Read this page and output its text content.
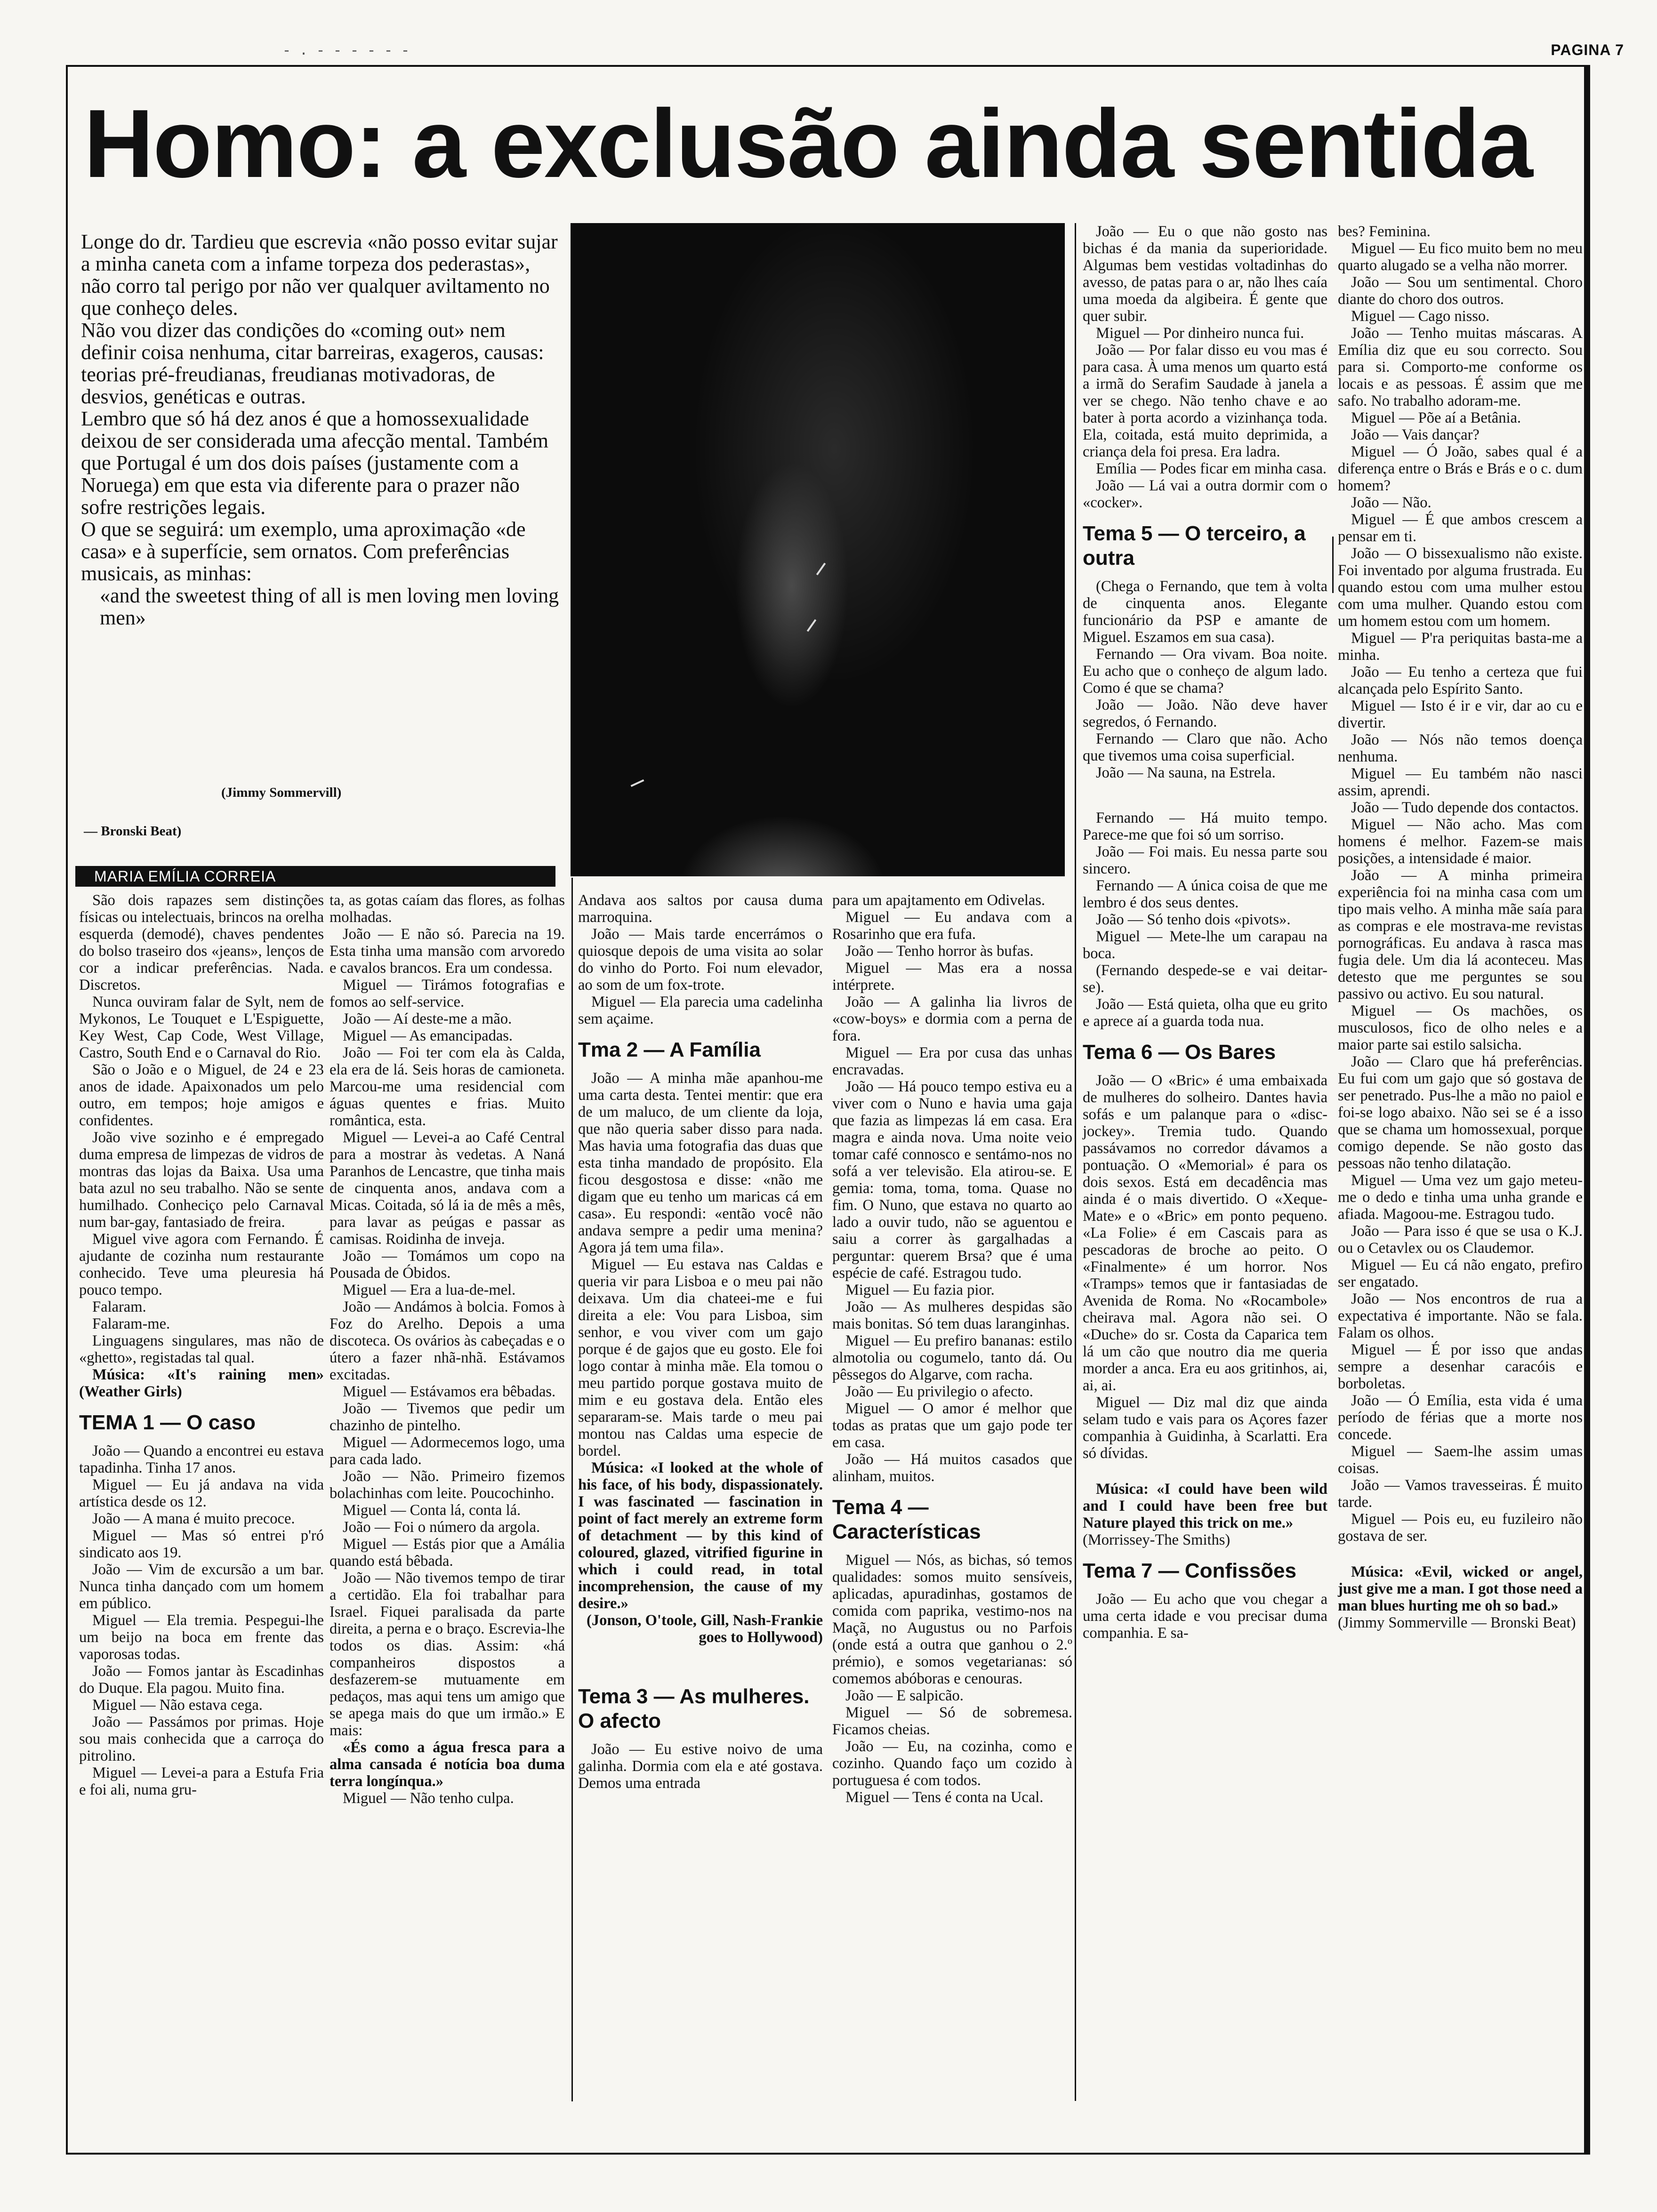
- . - - - - - -	PAGINA 7
Homo: a exclusão ainda sentida

Longe do dr. Tardieu que escrevia «não posso evitar sujar a minha caneta com a infame torpeza dos pederastas», não corro tal perigo por não ver qualquer aviltamento no que conheço deles.

Não vou dizer das condições do «coming out» nem definir coisa nenhuma, citar barreiras, exageros, causas: teorias pré-freudianas, freudianas motivadoras, de desvios, genéticas e outras.

Lembro que só há dez anos é que a homossexualidade deixou de ser considerada uma afecção mental. Também que Portugal é um dos dois países (justamente com a Noruega) em que esta via diferente para o prazer não sofre restrições legais.

O que se seguirá: um exemplo, uma aproximação «de casa» e à superfície, sem ornatos. Com preferências musicais, as minhas:

«and the sweetest thing of all is men loving men loving men»

(Jimmy Sommervill)
— Bronski Beat)
MARIA EMÍLIA CORREIA

São dois rapazes sem distinções físicas ou intelectuais, brincos na orelha esquerda (demodé), chaves pendentes do bolso traseiro dos «jeans», lenços de cor a indicar preferências. Nada. Discretos.

Nunca ouviram falar de Sylt, nem de Mykonos, Le Touquet e L'Espiguette, Key West, Cap Code, West Village, Castro, South End e o Carnaval do Rio.

São o João e o Miguel, de 24 e 23 anos de idade. Apaixonados um pelo outro, em tempos; hoje amigos e confidentes.

João vive sozinho e é empregado duma empresa de limpezas de vidros de montras das lojas da Baixa. Usa uma bata azul no seu trabalho. Não se sente humilhado. Conheciço pelo Carnaval num bar-gay, fantasiado de freira.

Miguel vive agora com Fernando. É ajudante de cozinha num restaurante conhecido. Teve uma pleuresia há pouco tempo.

Falaram.

Falaram-me.

Linguagens singulares, mas não de «ghetto», registadas tal qual.

Música: «It's raining men» (Weather Girls)

TEMA 1 — O caso

João — Quando a encontrei eu estava tapadinha. Tinha 17 anos.

Miguel — Eu já andava na vida artística desde os 12.

João — A mana é muito precoce.

Miguel — Mas só entrei p'ró sindicato aos 19.

João — Vim de excursão a um bar. Nunca tinha dançado com um homem em público.

Miguel — Ela tremia. Pespegui-lhe um beijo na boca em frente das vaporosas todas.

João — Fomos jantar às Escadinhas do Duque. Ela pagou. Muito fina.

Miguel — Não estava cega.

João — Passámos por primas. Hoje sou mais conhecida que a carroça do pitrolino.

Miguel — Levei-a para a Estufa Fria e foi ali, numa gru-

ta, as gotas caíam das flores, as folhas molhadas.

João — E não só. Parecia na 19. Esta tinha uma mansão com arvoredo e cavalos brancos. Era um condessa.

Miguel — Tirámos fotografias e fomos ao self-service.

João — Aí deste-me a mão.

Miguel — As emancipadas.

João — Foi ter com ela às Calda, ela era de lá. Seis horas de camioneta. Marcou-me uma residencial com águas quentes e frias. Muito romântica, esta.

Miguel — Levei-a ao Café Central para a mostrar às vedetas. A Naná Paranhos de Lencastre, que tinha mais de cinquenta anos, andava com a Micas. Coitada, só lá ia de mês a mês, para lavar as peúgas e passar as camisas. Roidinha de inveja.

João — Tomámos um copo na Pousada de Óbidos.

Miguel — Era a lua-de-mel.

João — Andámos à bolcia. Fomos à Foz do Arelho. Depois a uma discoteca. Os ovários às cabeçadas e o útero a fazer nhã-nhã. Estávamos excitadas.

Miguel — Estávamos era bêbadas.

João — Tivemos que pedir um chazinho de pintelho.

Miguel — Adormecemos logo, uma para cada lado.

João — Não. Primeiro fizemos bolachinhas com leite. Poucochinho.

Miguel — Conta lá, conta lá.

João — Foi o número da argola.

Miguel — Estás pior que a Amália quando está bêbada.

João — Não tivemos tempo de tirar a certidão. Ela foi trabalhar para Israel. Fiquei paralisada da parte direita, a perna e o braço. Escrevia-lhe todos os dias. Assim: «há companheiros dispostos a desfazerem-se mutuamente em pedaços, mas aqui tens um amigo que se apega mais do que um irmão.» E mais:

«És como a água fresca para a alma cansada é notícia boa duma terra longínqua.»

Miguel — Não tenho culpa.

Andava aos saltos por causa duma marroquina.

João — Mais tarde encerrámos o quiosque depois de uma visita ao solar do vinho do Porto. Foi num elevador, ao som de um fox-trote.

Miguel — Ela parecia uma cadelinha sem açaime.

Tma 2 — A Família

João — A minha mãe apanhou-me uma carta desta. Tentei mentir: que era de um maluco, de um cliente da loja, que não queria saber disso para nada. Mas havia uma fotografia das duas que esta tinha mandado de propósito. Ela ficou desgostosa e disse: «não me digam que eu tenho um maricas cá em casa». Eu respondi: «então você não andava sempre a pedir uma menina? Agora já tem uma fila».

Miguel — Eu estava nas Caldas e queria vir para Lisboa e o meu pai não deixava. Um dia chateei-me e fui direita a ele: Vou para Lisboa, sim senhor, e vou viver com um gajo porque é de gajos que eu gosto. Ele foi logo contar à minha mãe. Ela tomou o meu partido porque gostava muito de mim e eu gostava dela. Então eles separaram-se. Mais tarde o meu pai montou nas Caldas uma especie de bordel.

Música: «I looked at the whole of his face, of his body, dispassionately. I was fascinated — fascination in point of fact merely an extreme form of detachment — by this kind of coloured, glazed, vitrified figurine in which i could read, in total incomprehension, the cause of my desire.»

(Jonson, O'toole, Gill, Nash-Frankie goes to Hollywood)

Tema 3 — As mulheres. O afecto

João — Eu estive noivo de uma galinha. Dormia com ela e até gostava. Demos uma entrada

para um apajtamento em Odivelas.

Miguel — Eu andava com a Rosarinho que era fufa.

João — Tenho horror às bufas.

Miguel — Mas era a nossa intérprete.

João — A galinha lia livros de «cow-boys» e dormia com a perna de fora.

Miguel — Era por cusa das unhas encravadas.

João — Há pouco tempo estiva eu a viver com o Nuno e havia uma gaja que fazia as limpezas lá em casa. Era magra e ainda nova. Uma noite veio tomar café connosco e sentámo-nos no sofá a ver televisão. Ela atirou-se. E gemia: toma, toma, toma. Quase no fim. O Nuno, que estava no quarto ao lado a ouvir tudo, não se aguentou e saiu a correr às gargalhadas a perguntar: querem Brsa? que é uma espécie de café. Estragou tudo.

Miguel — Eu fazia pior.

João — As mulheres despidas são mais bonitas. Só tem duas laranginhas.

Miguel — Eu prefiro bananas: estilo almotolia ou cogumelo, tanto dá. Ou pêssegos do Algarve, com racha.

João — Eu privilegio o afecto.

Miguel — O amor é melhor que todas as pratas que um gajo pode ter em casa.

João — Há muitos casados que alinham, muitos.

Tema 4 — Características

Miguel — Nós, as bichas, só temos qualidades: somos muito sensíveis, aplicadas, apuradinhas, gostamos de comida com paprika, vestimo-nos na Maçã, no Augustus ou no Parfois (onde está a outra que ganhou o 2.º prémio), e somos vegetarianas: só comemos abóboras e cenouras.

João — E salpicão.

Miguel — Só de sobremesa. Ficamos cheias.

João — Eu, na cozinha, como e cozinho. Quando faço um cozido à portuguesa é com todos.

Miguel — Tens é conta na Ucal.

João — Eu o que não gosto nas bichas é da mania da superioridade. Algumas bem vestidas voltadinhas do avesso, de patas para o ar, não lhes caía uma moeda da algibeira. É gente que quer subir.

Miguel — Por dinheiro nunca fui.

João — Por falar disso eu vou mas é para casa. À uma menos um quarto está a irmã do Serafim Saudade à janela a ver se chego. Não tenho chave e ao bater à porta acordo a vizinhança toda. Ela, coitada, está muito deprimida, a criança dela foi presa. Era ladra.

Emília — Podes ficar em minha casa.

João — Lá vai a outra dormir com o «cocker».

Tema 5 — O terceiro, a outra

(Chega o Fernando, que tem à volta de cinquenta anos. Elegante funcionário da PSP e amante de Miguel. Eszamos em sua casa).

Fernando — Ora vivam. Boa noite. Eu acho que o conheço de algum lado. Como é que se chama?

João — João. Não deve haver segredos, ó Fernando.

Fernando — Claro que não. Acho que tivemos uma coisa superficial.

João — Na sauna, na Estrela.

Fernando — Há muito tempo. Parece-me que foi só um sorriso.

João — Foi mais. Eu nessa parte sou sincero.

Fernando — A única coisa de que me lembro é dos seus dentes.

João — Só tenho dois «pivots».

Miguel — Mete-lhe um carapau na boca.

(Fernando despede-se e vai deitar-se).

João — Está quieta, olha que eu grito e aprece aí a guarda toda nua.

Tema 6 — Os Bares

João — O «Bric» é uma embaixada de mulheres do solheiro. Dantes havia sofás e um palanque para o «disc-jockey». Tremia tudo. Quando passávamos no corredor dávamos a pontuação. O «Memorial» é para os dois sexos. Está em decadência mas ainda é o mais divertido. O «Xeque-Mate» e o «Bric» em ponto pequeno. «La Folie» é em Cascais para as pescadoras de broche ao peito. O «Finalmente» é um horror. Nos «Tramps» temos que ir fantasiadas de Avenida de Roma. No «Rocambole» cheirava mal. Agora não sei. O «Duche» do sr. Costa da Caparica tem lá um cão que noutro dia me queria morder a anca. Era eu aos gritinhos, ai, ai, ai.

Miguel — Diz mal diz que ainda selam tudo e vais para os Açores fazer companhia à Guidinha, à Scarlatti. Era só dívidas.

Música: «I could have been wild and I could have been free but Nature played this trick on me.»

(Morrissey-The Smiths)

Tema 7 — Confissões

João — Eu acho que vou chegar a uma certa idade e vou precisar duma companhia. E sa-

bes? Feminina.

Miguel — Eu fico muito bem no meu quarto alugado se a velha não morrer.

João — Sou um sentimental. Choro diante do choro dos outros.

Miguel — Cago nisso.

João — Tenho muitas máscaras. A Emília diz que eu sou correcto. Sou para si. Comporto-me conforme os locais e as pessoas. É assim que me safo. No trabalho adoram-me.

Miguel — Põe aí a Betânia.

João — Vais dançar?

Miguel — Ó João, sabes qual é a diferença entre o Brás e Brás e o c. dum homem?

João — Não.

Miguel — É que ambos crescem a pensar em ti.

João — O bissexualismo não existe. Foi inventado por alguma frustrada. Eu quando estou com uma mulher estou com uma mulher. Quando estou com um homem estou com um homem.

Miguel — P'ra periquitas basta-me a minha.

João — Eu tenho a certeza que fui alcançada pelo Espírito Santo.

Miguel — Isto é ir e vir, dar ao cu e divertir.

João — Nós não temos doença nenhuma.

Miguel — Eu também não nasci assim, aprendi.

João — Tudo depende dos contactos.

Miguel — Não acho. Mas com homens é melhor. Fazem-se mais posições, a intensidade é maior.

João — A minha primeira experiência foi na minha casa com um tipo mais velho. A minha mãe saía para as compras e ele mostrava-me revistas pornográficas. Eu andava à rasca mas fugia dele. Um dia lá aconteceu. Mas detesto que me perguntes se sou passivo ou activo. Eu sou natural.

Miguel — Os machões, os musculosos, fico de olho neles e a maior parte sai estilo salsicha.

João — Claro que há preferências. Eu fui com um gajo que só gostava de ser penetrado. Pus-lhe a mão no paiol e foi-se logo abaixo. Não sei se é a isso que se chama um homossexual, porque comigo depende. Se não gosto das pessoas não tenho dilatação.

Miguel — Uma vez um gajo meteu-me o dedo e tinha uma unha grande e afiada. Magoou-me. Estragou tudo.

João — Para isso é que se usa o K.J. ou o Cetavlex ou os Claudemor.

Miguel — Eu cá não engato, prefiro ser engatado.

João — Nos encontros de rua a expectativa é importante. Não se fala. Falam os olhos.

Miguel — É por isso que andas sempre a desenhar caracóis e borboletas.

João — Ó Emília, esta vida é uma período de férias que a morte nos concede.

Miguel — Saem-lhe assim umas coisas.

João — Vamos travesseiras. É muito tarde.

Miguel — Pois eu, eu fuzileiro não gostava de ser.

Música: «Evil, wicked or angel, just give me a man. I got those need a man blues hurting me oh so bad.»

(Jimmy Sommerville — Bronski Beat)
